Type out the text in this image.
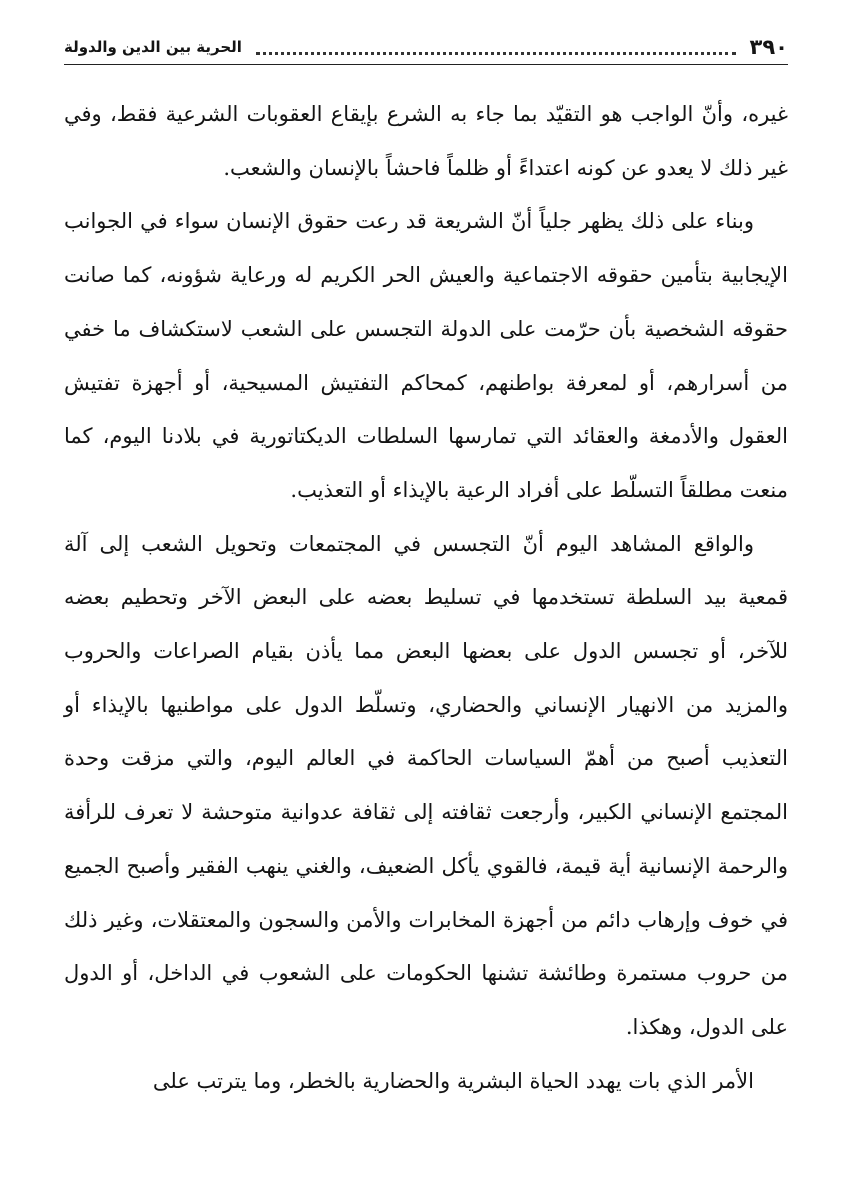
٣٩٠
الحرية بين الدين والدولة

غيره، وأنّ الواجب هو التقيّد بما جاء به الشرع بإيقاع العقوبات الشرعية فقط، وفي غير ذلك لا يعدو عن كونه اعتداءً أو ظلماً فاحشاً بالإنسان والشعب.

وبناء على ذلك يظهر جلياً أنّ الشريعة قد رعت حقوق الإنسان سواء في الجوانب الإيجابية بتأمين حقوقه الاجتماعية والعيش الحر الكريم له ورعاية شؤونه، كما صانت حقوقه الشخصية بأن حرّمت على الدولة التجسس على الشعب لاستكشاف ما خفي من أسرارهم، أو لمعرفة بواطنهم، كمحاكم التفتيش المسيحية، أو أجهزة تفتيش العقول والأدمغة والعقائد التي تمارسها السلطات الديكتاتورية في بلادنا اليوم، كما منعت مطلقاً التسلّط على أفراد الرعية بالإيذاء أو التعذيب.

والواقع المشاهد اليوم أنّ التجسس في المجتمعات وتحويل الشعب إلى آلة قمعية بيد السلطة تستخدمها في تسليط بعضه على البعض الآخر وتحطيم بعضه للآخر، أو تجسس الدول على بعضها البعض مما يأذن بقيام الصراعات والحروب والمزيد من الانهيار الإنساني والحضاري، وتسلّط الدول على مواطنيها بالإيذاء أو التعذيب أصبح من أهمّ السياسات الحاكمة في العالم اليوم، والتي مزقت وحدة المجتمع الإنساني الكبير، وأرجعت ثقافته إلى ثقافة عدوانية متوحشة لا تعرف للرأفة والرحمة الإنسانية أية قيمة، فالقوي يأكل الضعيف، والغني ينهب الفقير وأصبح الجميع في خوف وإرهاب دائم من أجهزة المخابرات والأمن والسجون والمعتقلات، وغير ذلك من حروب مستمرة وطائشة تشنها الحكومات على الشعوب في الداخل، أو الدول على الدول، وهكذا.

الأمر الذي بات يهدد الحياة البشرية والحضارية بالخطر، وما يترتب على
